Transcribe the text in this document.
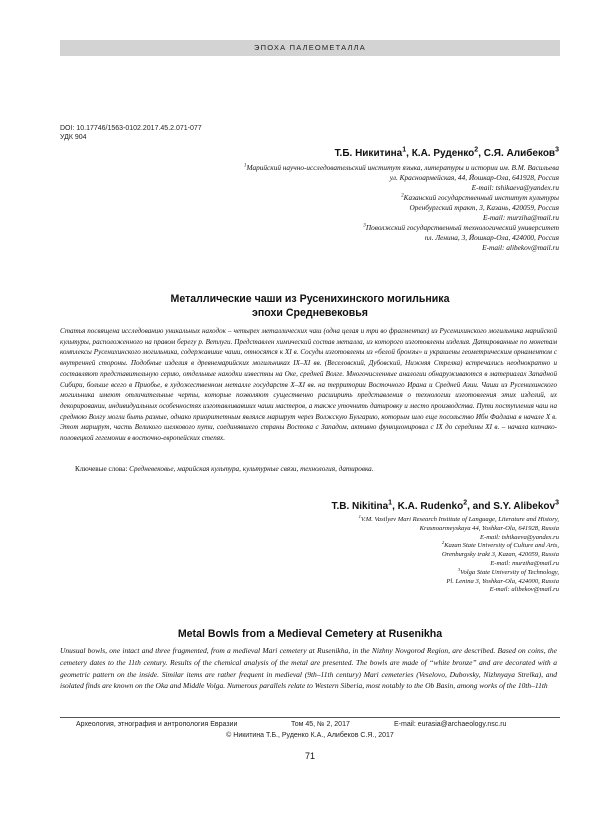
ЭПОХА ПАЛЕОМЕТАЛЛА
DOI: 10.17746/1563-0102.2017.45.2.071-077
УДК 904
Т.Б. Никитина$^1$, К.А. Руденко$^2$, С.Я. Алибеков$^3$
$^1$Марийский научно-исследовательский институт языка, литературы и истории им. В.М. Васильева
ул. Красноармейская, 44, Йошкар-Ола, 641928, Россия
E-mail: tshikaeva@yandex.ru
$^2$Казанский государственный институт культуры
Оренбургский тракт, 3, Казань, 420059, Россия
E-mail: murziha@mail.ru
$^3$Поволжский государственный технологический университет
пл. Ленина, 3, Йошкар-Ола, 424000, Россия
E-mail: alibekov@mail.ru
Металлические чаши из Русенихинского могильника
эпохи Средневековья
Статья посвящена исследованию уникальных находок – четырех металлических чаш (одна целая и три во фрагментах) из Русенихинского могильника марийской культуры, расположенного на правом берегу р. Ветлуги. Представлен химический состав металла, из которого изготовлены изделия. Датированные по монетам комплексы Русенихинского могильника, содержавшие чаши, относятся к XI в. Сосуды изготовлены из «белой бронзы» и украшены геометрическим орнаментом с внутренней стороны. Подобные изделия в древнемарийских могильниках IX–XI вв. (Веселовский, Дубовский, Нижняя Стрелка) встречались неоднократно и составляют представительную серию, отдельные находки известны на Оке, средней Волге. Многочисленные аналогии обнаруживаются в материалах Западной Сибири, больше всего в Приобье, в художественном металле государств X–XI вв. на территории Восточного Ирана и Средней Азии. Чаши из Русенихинского могильника имеют отличительные черты, которые позволяют существенно расширить представления о технологии изготовления этих изделий, их декорировании, индивидуальных особенностях изготавливавших чаши мастеров, а также уточнить датировку и место производства. Пути поступления чаш на среднюю Волгу могли быть разные, однако приоритетным являлся маршрут через Волжскую Булгарию, которым шло еще посольство Ибн Фадлана в начале X в. Этот маршрут, часть Великого шелкового пути, соединявшего страны Востока с Западом, активно функционировал с IX до середины XI в. – начала кипчако-половецкой гегемонии в восточно-европейских степях.
Ключевые слова: Средневековье, марийская культура, культурные связи, технология, датировка.
T.B. Nikitina$^1$, K.A. Rudenko$^2$, and S.Y. Alibekov$^3$
$^1$V.M. Vasilyev Mari Research Institute of Language, Literature and History,
Krasnoarmeyskaya 44, Yoshkar-Ola, 641928, Russia
E-mail: tshikaeva@yandex.ru
$^2$Kazan State University of Culture and Arts,
Orenburgsky trakt 3, Kazan, 420059, Russia
E-mail: murziha@mail.ru
$^3$Volga State University of Technology,
Pl. Lenina 3, Yoshkar-Ola, 424000, Russia
E-mail: alibekov@mail.ru
Metal Bowls from a Medieval Cemetery at Rusenikha
Unusual bowls, one intact and three fragmented, from a medieval Mari cemetery at Rusenikha, in the Nizhny Novgorod Region, are described. Based on coins, the cemetery dates to the 11th century. Results of the chemical analysis of the metal are presented. The bowls are made of “white bronze” and are decorated with a geometric pattern on the inside. Similar items are rather frequent in medieval (9th–11th century) Mari cemeteries (Veselovo, Dubovsky, Nizhnyaya Strelka), and isolated finds are known on the Oka and Middle Volga. Numerous parallels relate to Western Siberia, most notably to the Ob Basin, among works of the 10th–11th
Археология, этнография и антропология Евразии	Том 45, № 2, 2017	E-mail: eurasia@archaeology.nsc.ru
© Никитина Т.Б., Руденко К.А., Алибеков С.Я., 2017
71
